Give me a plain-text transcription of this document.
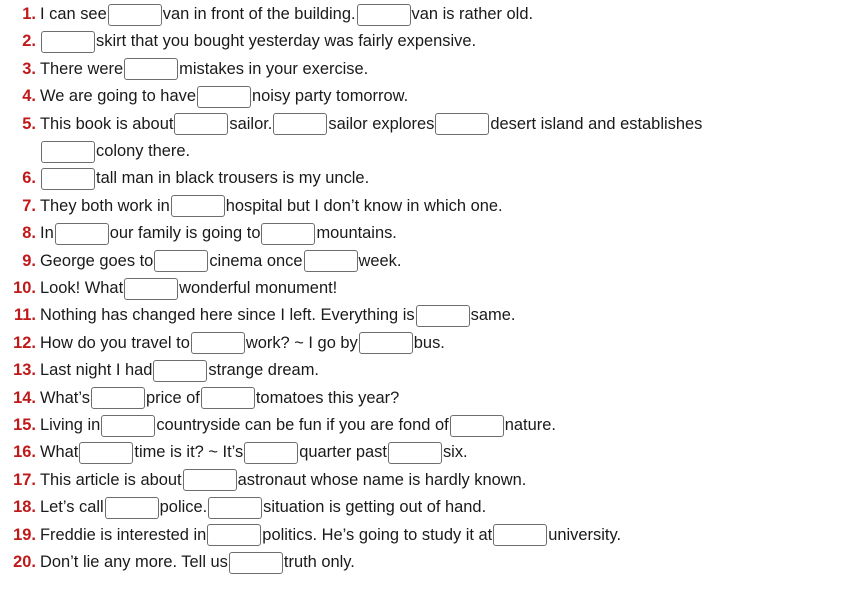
1. I can see	van in front of the building.	van is rather old.
2.	skirt that you bought yesterday was fairly expensive.
3. There were	mistakes in your exercise.
4. We are going to have	noisy party tomorrow.
5. This book is about	sailor.	sailor explores	desert island and establishes
colony there.
6.	tall man in black trousers is my uncle.
7. They both work in	hospital but I don’t know in which one.
8. In	our family is going to	mountains.
9. George goes to	cinema once	week.
10. Look! What	wonderful monument!
11. Nothing has changed here since I left. Everything is	same.
12. How do you travel to	work? ~ I go by	bus.
13. Last night I had	strange dream.
14. What’s	price of	tomatoes this year?
15. Living in	countryside can be fun if you are fond of	nature.
16. What	time is it? ~ It’s	quarter past	six.
17. This article is about	astronaut whose name is hardly known.
18. Let’s call	police.	situation is getting out of hand.
19. Freddie is interested in	politics. He’s going to study it at	university.
20. Don’t lie any more. Tell us	truth only.
